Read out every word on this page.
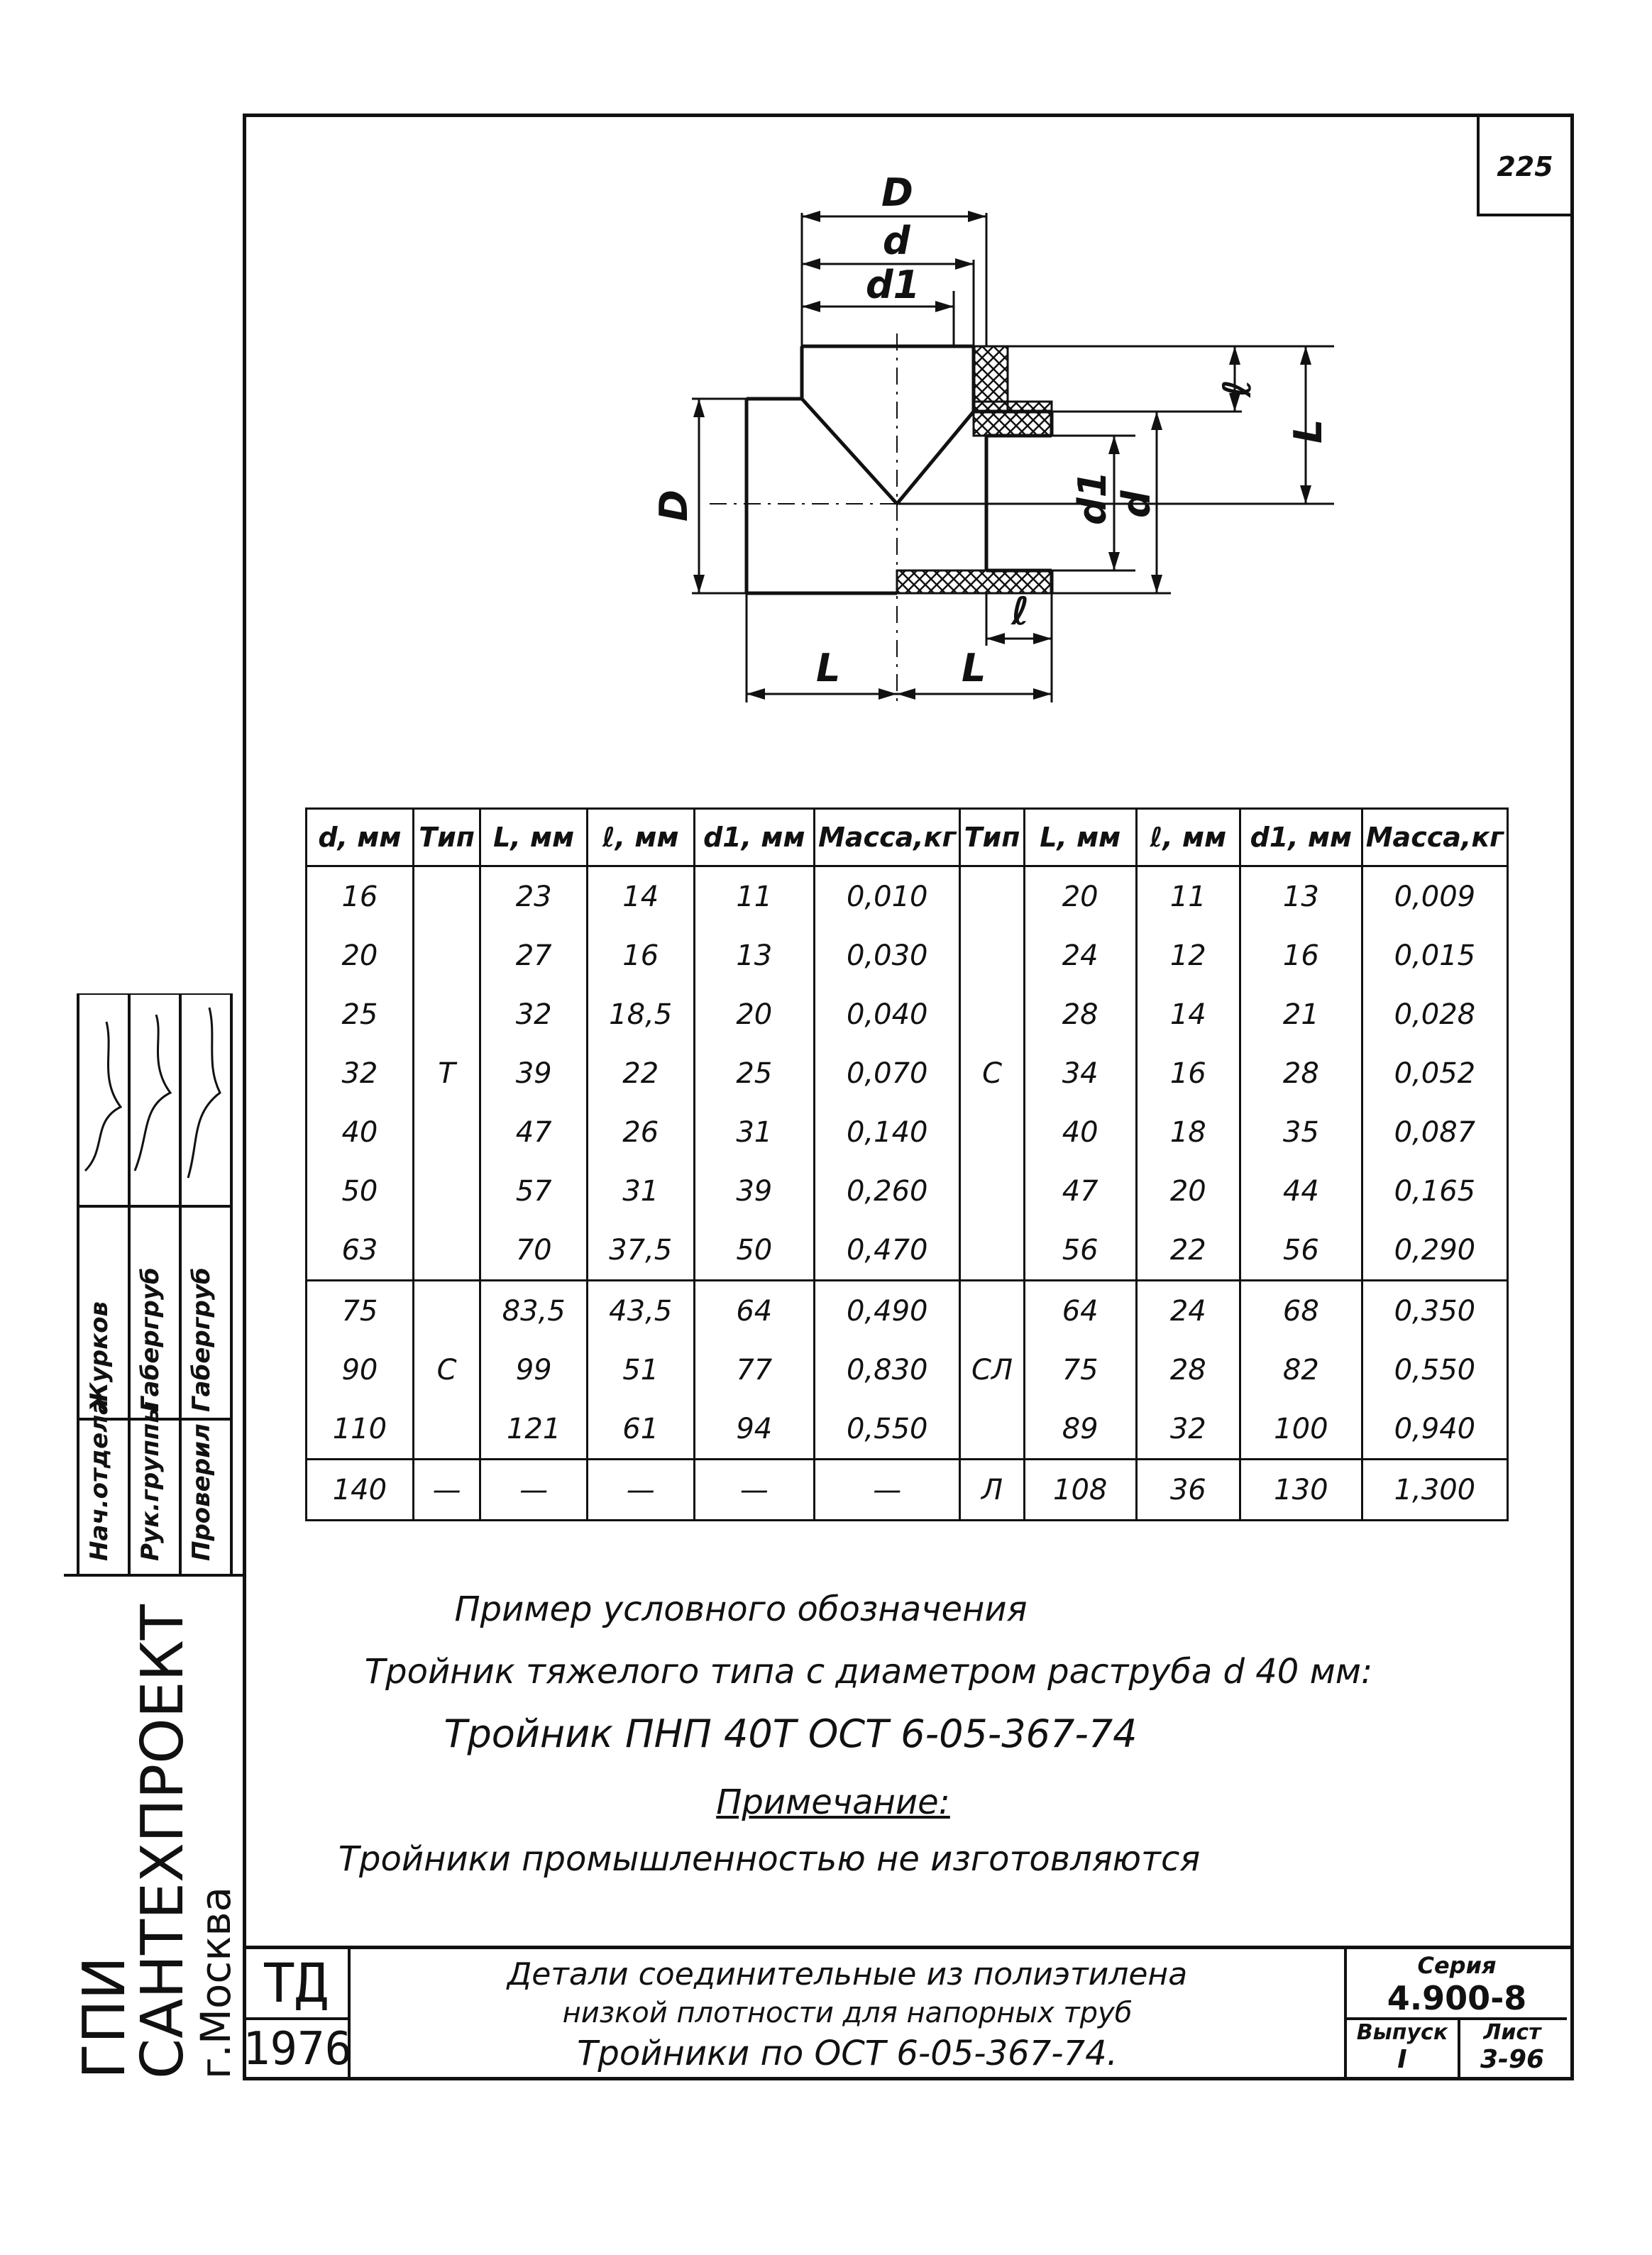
225
D
d
d1
D
ℓ
L
d1 d
ℓ
L	L
d, мм	Тип	L, мм	ℓ, мм	d1, мм	Масса,кг	Тип	L, мм	ℓ, мм	d1, мм	Масса,кг
16		23	14	11	0,010		20	11	13	0,009
20		27	16	13	0,030		24	12	16	0,015
25		32	18,5	20	0,040		28	14	21	0,028
32	Т	39	22	25	0,070	С	34	16	28	0,052
40		47	26	31	0,140		40	18	35	0,087
50		57	31	39	0,260		47	20	44	0,165
63		70	37,5	50	0,470		56	22	56	0,290
75		83,5	43,5	64	0,490		64	24	68	0,350
90	С	99	51	77	0,830	СЛ	75	28	82	0,550
110		121	61	94	0,550		89	32	100	0,940
140	—	—	—	—	—	Л	108	36	130	1,300
Пример условного обозначения
Тройник тяжелого типа с диаметром раструба d 40 мм:
Тройник ПНП 40Т ОСТ 6-05-367-74
Примечание:
Тройники промышленностью не изготовляются
Нач.отдела Рук.группы Проверил
Журков Габергруб Габергруб
ГПИ
САНТЕХПРОЕКТ
г.Москва ТД
1976
Детали соединительные из полиэтилена
низкой плотности для напорных труб
Тройники по ОСТ 6-05-367-74.
Серия
4.900-8
Выпуск
I
Лист
3-96
